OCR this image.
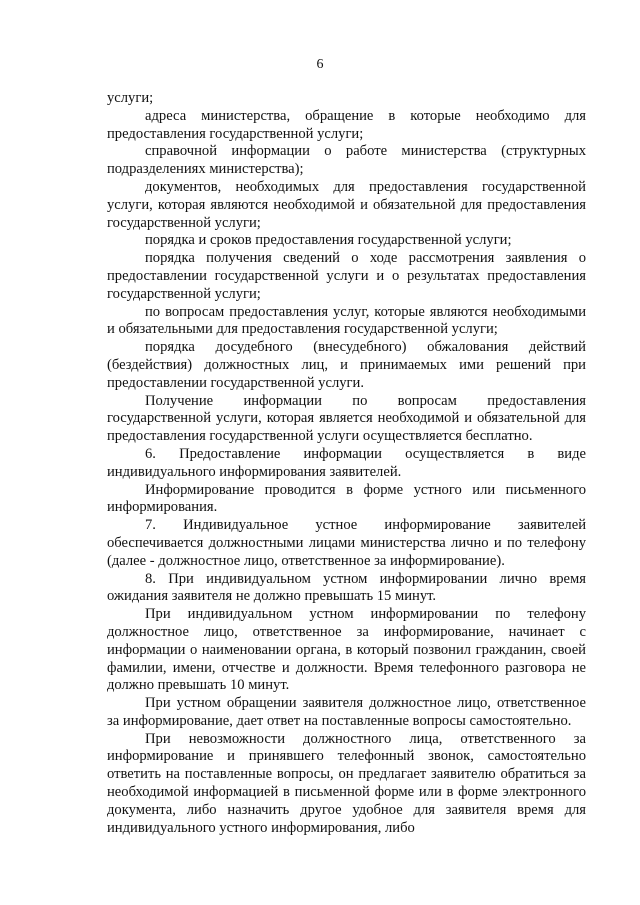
6

услуги;

адреса министерства, обращение в которые необходимо для предоставления государственной услуги;

справочной информации о работе министерства (структурных подразделениях министерства);

документов, необходимых для предоставления государственной услуги, которая являются необходимой и обязательной для предоставления государственной услуги;

порядка и сроков предоставления государственной услуги;

порядка получения сведений о ходе рассмотрения заявления о предоставлении государственной услуги и о результатах предоставления государственной услуги;

по вопросам предоставления услуг, которые являются необходимыми и обязательными для предоставления государственной услуги;

порядка досудебного (внесудебного) обжалования действий (бездействия) должностных лиц, и принимаемых ими решений при предоставлении государственной услуги.

Получение информации по вопросам предоставления государственной услуги, которая является необходимой и обязательной для предоставления государственной услуги осуществляется бесплатно.

6. Предоставление информации осуществляется в виде индивидуального информирования заявителей.

Информирование проводится в форме устного или письменного информирования.

7. Индивидуальное устное информирование заявителей обеспечивается должностными лицами министерства лично и по телефону (далее - должностное лицо, ответственное за информирование).

8. При индивидуальном устном информировании лично время ожидания заявителя не должно превышать 15 минут.

При индивидуальном устном информировании по телефону должностное лицо, ответственное за информирование, начинает с информации о наименовании органа, в который позвонил гражданин, своей фамилии, имени, отчестве и должности. Время телефонного разговора не должно превышать 10 минут.

При устном обращении заявителя должностное лицо, ответственное за информирование, дает ответ на поставленные вопросы самостоятельно.

При невозможности должностного лица, ответственного за информирование и принявшего телефонный звонок, самостоятельно ответить на поставленные вопросы, он предлагает заявителю обратиться за необходимой информацией в письменной форме или в форме электронного документа, либо назначить другое удобное для заявителя время для индивидуального устного информирования, либо
